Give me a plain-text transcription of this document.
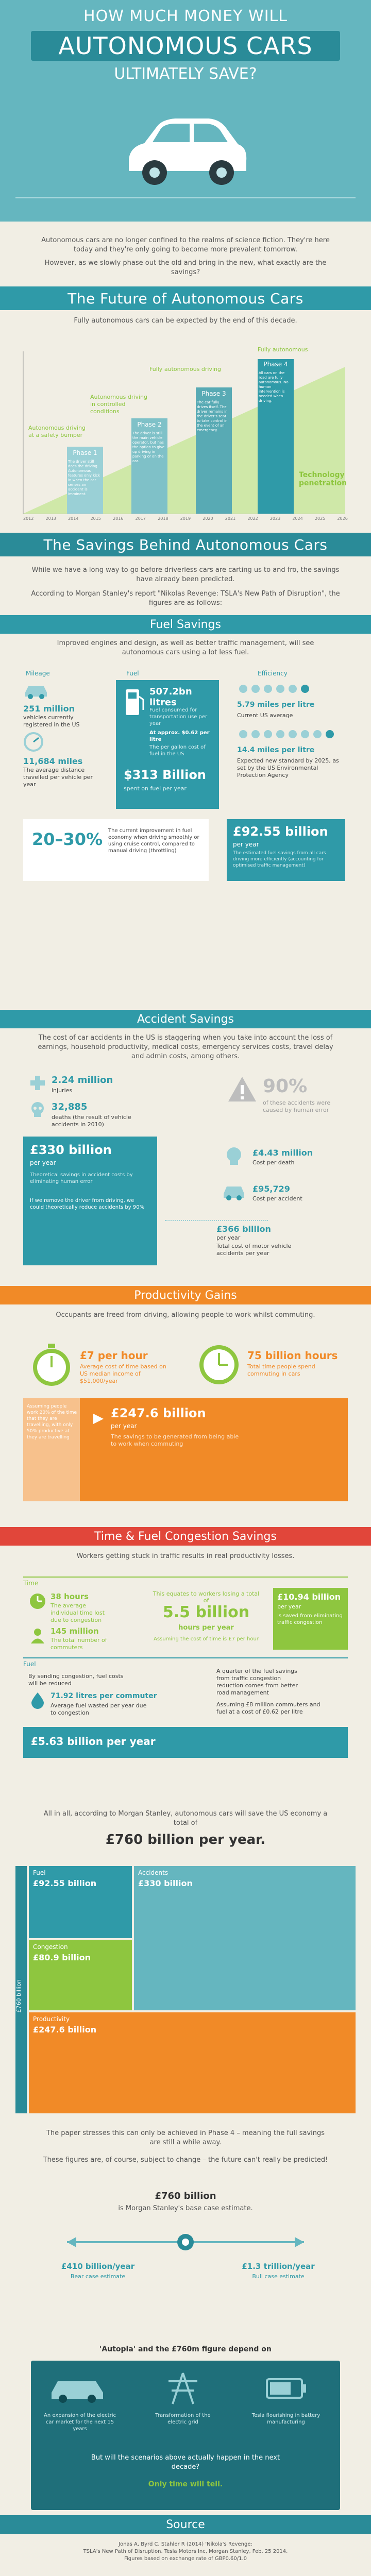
HOW MUCH MONEY WILL
AUTONOMOUS CARS
ULTIMATELY SAVE?

Autonomous cars are no longer confined to the realms of science fiction. They're here today and they're only going to become more prevalent tomorrow.

However, as we slowly phase out the old and bring in the new, what exactly are the savings?

The Future of Autonomous Cars

Fully autonomous cars can be expected by the end of this decade.

Autonomous driving at a safety bumper
Phase 1
The driver still does the driving. Autonomous features only kick in when the car senses an accident is imminent.
Autonomous driving in controlled conditions
Phase 2
The driver is still the main vehicle operator, but has the option to give up driving in parking or on the car.
Fully autonomous driving
Phase 3
The car fully drives itself. The driver remains in the driver's seat to take control in the event of an emergency.
Fully autonomous
Phase 4
All cars on the road are fully autonomous. No human intervention is needed when driving.
Technology penetration
2012	2013	2014	2015	2016	2017	2018	2019	2020	2021	2022	2023	2024	2025	2026
The Savings Behind Autonomous Cars

While we have a long way to go before driverless cars are carting us to and fro, the savings have already been predicted.

According to Morgan Stanley's report "Nikolas Revenge: TSLA's New Path of Disruption", the figures are as follows:

Fuel Savings

Improved engines and design, as well as better traffic management, will see autonomous cars using a lot less fuel.

Mileage	Fuel	Efficiency
251 million
vehicles currently registered in the US
11,684 miles
The average distance travelled per vehicle per year
507.2bn litres
Fuel consumed for transportation use per year
At approx. $0.62 per litre
The per gallon cost of fuel in the US
$313 Billion
spent on fuel per year
5.79 miles per litre
Current US average
14.4 miles per litre
Expected new standard by 2025, as set by the US Environmental Protection Agency
20–30% The current improvement in fuel economy when driving smoothly or using cruise control, compared to manual driving (throttling)
£92.55 billion
per year
The estimated fuel savings from all cars driving more efficiently (accounting for optimised traffic management)
Accident Savings

The cost of car accidents in the US is staggering when you take into account the loss of earnings, household productivity, medical costs, emergency services costs, travel delay and admin costs, among others.

2.24 million
injuries
32,885
deaths (the result of vehicle accidents in 2010)
90%
of these accidents were caused by human error
£330 billion
per year
Theoretical savings in accident costs by eliminating human error
If we remove the driver from driving, we could theoretically reduce accidents by 90%
£4.43 million
Cost per death
£95,729
Cost per accident
£366 billion
per year
Total cost of motor vehicle accidents per year
Productivity Gains

Occupants are freed from driving, allowing people to work whilst commuting.

£7 per hour
Average cost of time based on US median income of $51,000/year
75 billion hours
Total time people spend commuting in cars
Assuming people work 20% of the time that they are travelling, with only 50% productive at they are travelling
£247.6 billion
per year
The savings to be generated from being able to work when commuting
Time & Fuel Congestion Savings

Workers getting stuck in traffic results in real productivity losses.

Time
38 hours
The average individual time lost due to congestion
145 million
The total number of commuters
This equates to workers losing a total of
5.5 billion
hours per year
Assuming the cost of time is £7 per hour
£10.94 billion
per year
Is saved from eliminating traffic congestion
Fuel
By sending congestion, fuel costs will be reduced
71.92 litres per commuter
Average fuel wasted per year due to congestion
A quarter of the fuel savings from traffic congestion reduction comes from better road management
Assuming £8 million commuters and fuel at a cost of £0.62 per litre
£5.63 billion per year

All in all, according to Morgan Stanley, autonomous cars will save the US economy a total of

£760 billion per year.
£760 billion
Fuel
£92.55 billion
Accidents
£330 billion
Congestion
£80.9 billion
Productivity
£247.6 billion

The paper stresses this can only be achieved in Phase 4 – meaning the full savings are still a while away.

These figures are, of course, subject to change – the future can't really be predicted!

£760 billion
is Morgan Stanley's base case estimate.
£410 billion/year
Bear case estimate
£1.3 trillion/year
Bull case estimate
'Autopia' and the £760m figure depend on
An expansion of the electric car market for the next 15 years
Transformation of the electric grid
Tesla flourishing in battery manufacturing
But will the scenarios above actually happen in the next decade?
Only time will tell.
Source

Jonas A, Byrd C, Stahler R (2014) 'Nikola's Revenge:

TSLA's New Path of Disruption. Tesla Motors Inc, Morgan Stanley, Feb. 25 2014.

Figures based on exchange rate of GBP0.60/1.0
